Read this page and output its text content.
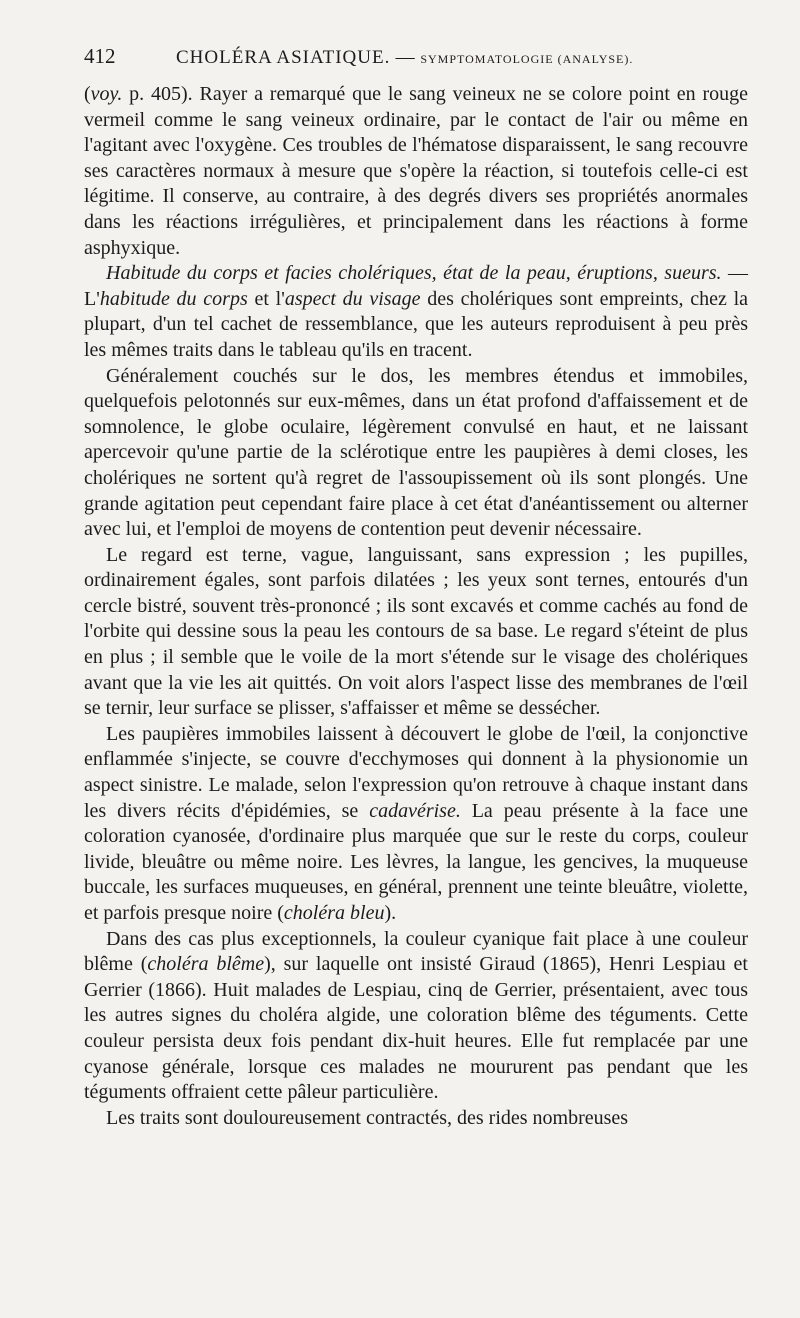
412	CHOLÉRA ASIATIQUE. — SYMPTOMATOLOGIE (ANALYSE).

(voy. p. 405). Rayer a remarqué que le sang veineux ne se colore point en rouge vermeil comme le sang veineux ordinaire, par le contact de l'air ou même en l'agitant avec l'oxygène. Ces troubles de l'hématose disparaissent, le sang recouvre ses caractères normaux à mesure que s'opère la réaction, si toutefois celle-ci est légitime. Il conserve, au contraire, à des degrés divers ses propriétés anormales dans les réactions irrégulières, et principalement dans les réactions à forme asphyxique.

Habitude du corps et facies cholériques, état de la peau, éruptions, sueurs. — L'habitude du corps et l'aspect du visage des cholériques sont empreints, chez la plupart, d'un tel cachet de ressemblance, que les auteurs reproduisent à peu près les mêmes traits dans le tableau qu'ils en tracent.

Généralement couchés sur le dos, les membres étendus et immobiles, quelquefois pelotonnés sur eux-mêmes, dans un état profond d'affaissement et de somnolence, le globe oculaire, légèrement convulsé en haut, et ne laissant apercevoir qu'une partie de la sclérotique entre les paupières à demi closes, les cholériques ne sortent qu'à regret de l'assoupissement où ils sont plongés. Une grande agitation peut cependant faire place à cet état d'anéantissement ou alterner avec lui, et l'emploi de moyens de contention peut devenir nécessaire.

Le regard est terne, vague, languissant, sans expression ; les pupilles, ordinairement égales, sont parfois dilatées ; les yeux sont ternes, entourés d'un cercle bistré, souvent très-prononcé ; ils sont excavés et comme cachés au fond de l'orbite qui dessine sous la peau les contours de sa base. Le regard s'éteint de plus en plus ; il semble que le voile de la mort s'étende sur le visage des cholériques avant que la vie les ait quittés. On voit alors l'aspect lisse des membranes de l'œil se ternir, leur surface se plisser, s'affaisser et même se dessécher.

Les paupières immobiles laissent à découvert le globe de l'œil, la conjonctive enflammée s'injecte, se couvre d'ecchymoses qui donnent à la physionomie un aspect sinistre. Le malade, selon l'expression qu'on retrouve à chaque instant dans les divers récits d'épidémies, se cadavérise. La peau présente à la face une coloration cyanosée, d'ordinaire plus marquée que sur le reste du corps, couleur livide, bleuâtre ou même noire. Les lèvres, la langue, les gencives, la muqueuse buccale, les surfaces muqueuses, en général, prennent une teinte bleuâtre, violette, et parfois presque noire (choléra bleu).

Dans des cas plus exceptionnels, la couleur cyanique fait place à une couleur blême (choléra blême), sur laquelle ont insisté Giraud (1865), Henri Lespiau et Gerrier (1866). Huit malades de Lespiau, cinq de Gerrier, présentaient, avec tous les autres signes du choléra algide, une coloration blême des téguments. Cette couleur persista deux fois pendant dix-huit heures. Elle fut remplacée par une cyanose générale, lorsque ces malades ne moururent pas pendant que les téguments offraient cette pâleur particulière.

Les traits sont douloureusement contractés, des rides nombreuses
